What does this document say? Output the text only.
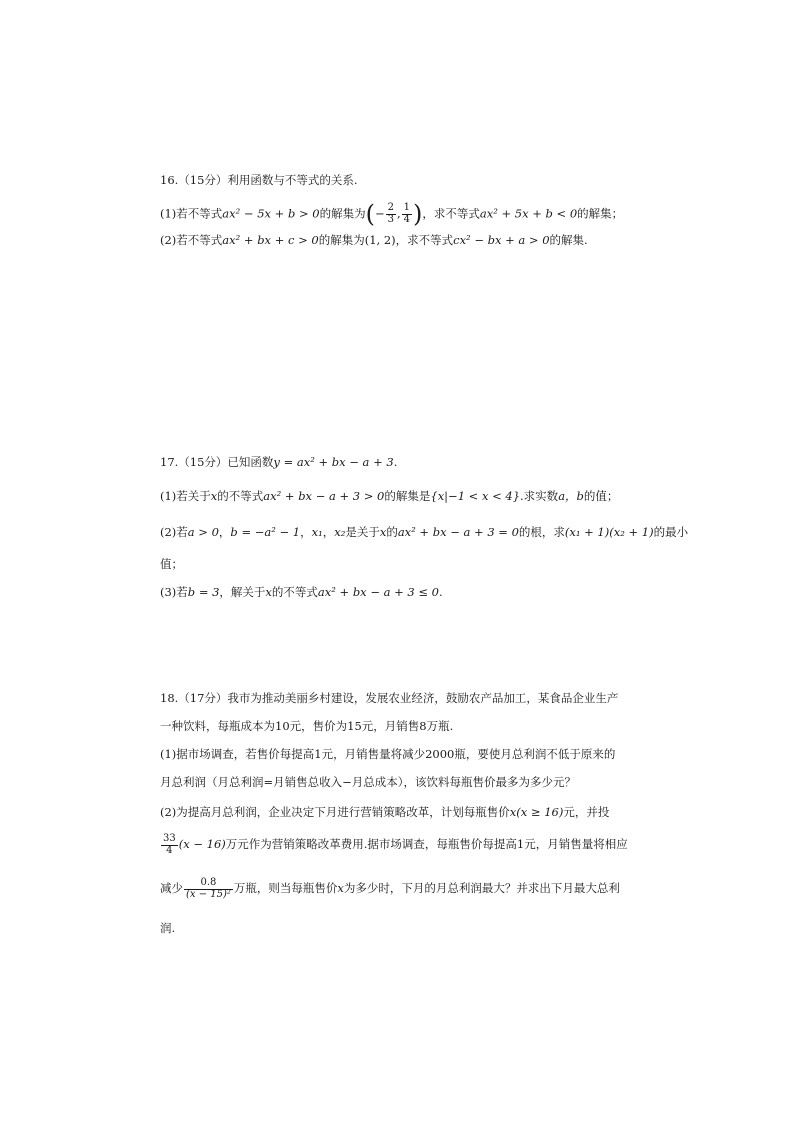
16.（15分）利用函数与不等式的关系.
(1)若不等式ax² − 5x + b > 0的解集为(− $\frac{2}{3}$ , $\frac{1}{4}$ )，求不等式ax² + 5x + b < 0的解集；
(2)若不等式ax² + bx + c > 0的解集为(1, 2)，求不等式cx² − bx + a > 0的解集.
17.（15分）已知函数y = ax² + bx − a + 3.
(1)若关于x的不等式ax² + bx − a + 3 > 0的解集是{x|−1 < x < 4}.求实数a，b的值；
(2)若a > 0，b = −a² − 1，x₁，x₂是关于x的ax² + bx − a + 3 = 0的根，求(x₁ + 1)(x₂ + 1)的最小
值；
(3)若b = 3，解关于x的不等式ax² + bx − a + 3 ≤ 0.
18.（17分）我市为推动美丽乡村建设，发展农业经济，鼓励农产品加工，某食品企业生产
一种饮料，每瓶成本为10元，售价为15元，月销售8万瓶.
(1)据市场调查，若售价每提高1元，月销售量将减少2000瓶，要使月总利润不低于原来的
月总利润（月总利润=月销售总收入−月总成本），该饮料每瓶售价最多为多少元？
(2)为提高月总利润，企业决定下月进行营销策略改革，计划每瓶售价x(x ≥ 16)元，并投
$\frac{33}{4} (x - 16)$万元作为营销策略改革费用.据市场调查，每瓶售价每提高1元，月销售量将相应
减少 $\frac{0.8}{\text{(x − 15)²}}$ 万瓶，则当每瓶售价x为多少时，下月的月总利润最大？并求出下月最大总利
润.
